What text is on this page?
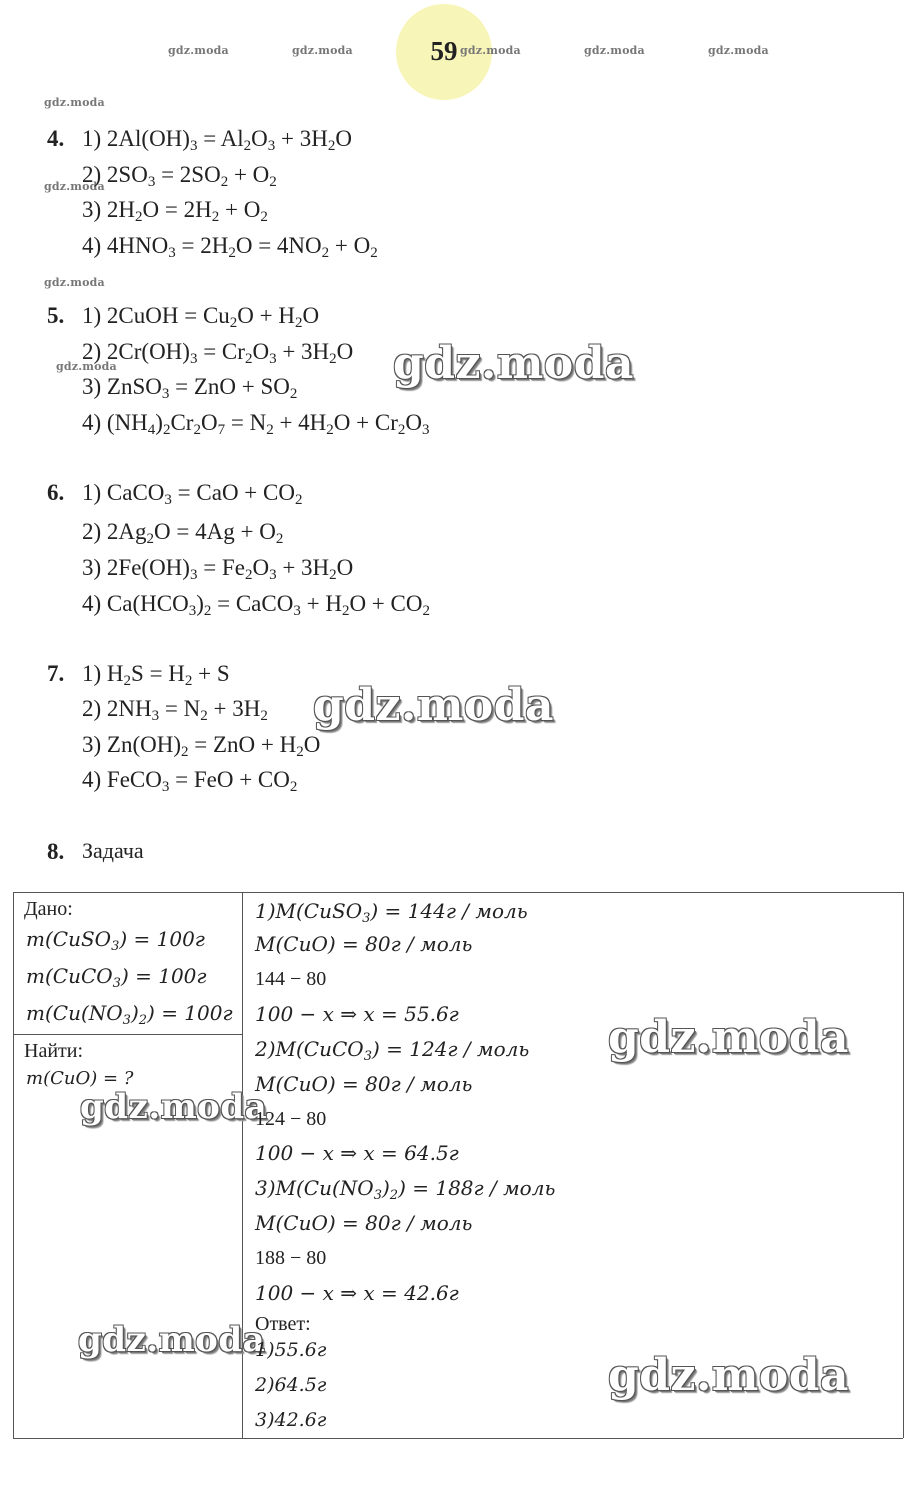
59
gdz.moda	gdz.moda	gdz.moda	gdz.moda	gdz.moda
gdz.moda
gdz.moda
gdz.moda
gdz.moda
4. 1) $2Al(OH)_3 = Al_2O_3 + 3H_2O$
2) $2SO_3 = 2SO_2 + O_2$
3) $2H_2O = 2H_2 + O_2$
4) $4HNO_3 = 2H_2O = 4NO_2 + O_2$
5. 1) 2CuOH = $Cu_2O + H_2O$
2) $2Cr(OH)_3 = Cr_2O_3 + 3H_2O$
3) ZnSO$_3$ = ZnO + $SO_2$
4) $(NH_4)_2Cr_2O_7 = N_2 + 4H_2O + Cr_2O_3$
gdz.moda
6. 1) CaCO$_3$ = CaO + $CO_2$
2) $2Ag_2O = 4Ag + O_2$
3) $2Fe(OH)_3 = Fe_2O_3 + 3H_2O$
4) $Ca(HCO_3)_2$ = CaCO$_3$ + $H_2O + CO_2$
7. 1) $H_2S = H_2 + S$
2) $2NH_3 = N_2 + 3H_2$
3) $Zn(OH)_2$ = ZnO + $H_2O$
4) FeCO$_3$ = FeO + $CO_2$
gdz.moda
8. Задача
Дано:
m(CuSO$_3$) = 100г
m(CuCO$_3$) = 100г
$m(Cu(NO_3)_2) = 100г$
Найти:
m(CuO) = ?
gdz.moda
gdz.moda
1)M(CuSO$_3$) = 144г / моль
M(CuO) = 80г / моль
144 − 80
100 − x ⇒ x = 55.6г
2)M(CuCO$_3$) = 124г / моль
M(CuO) = 80г / моль
124 − 80
100 − x ⇒ x = 64.5г
$3)M(Cu(NO_3)_2) = 188г$ / моль
M(CuO) = 80г / моль
188 − 80
100 − x ⇒ x = 42.6г
Ответ:
1)55.6г
2)64.5г
3)42.6г
gdz.moda
gdz.moda
